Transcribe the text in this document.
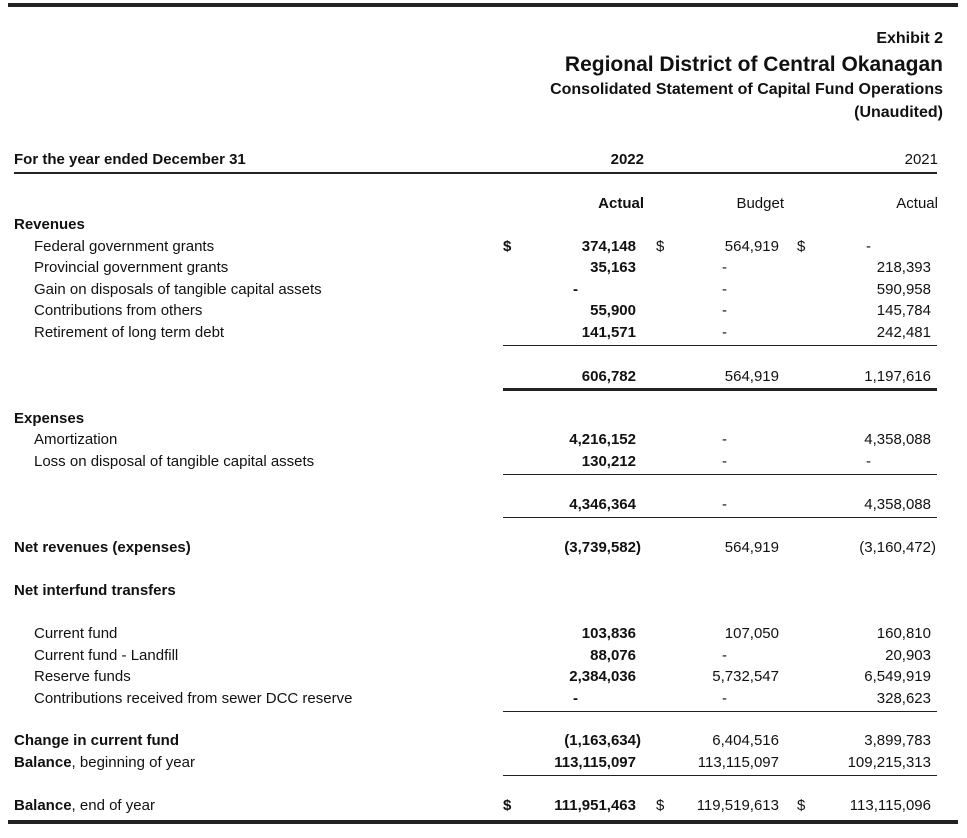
Exhibit 2
Regional District of Central Okanagan
Consolidated Statement of Capital Fund Operations
(Unaudited)
For the year ended December 31	2022	2021
Actual	Budget	Actual
Revenues
Federal government grants	$	374,148 $	564,919 $	-
Provincial government grants	35,163	-	218,393
Gain on disposals of tangible capital assets	-	-	590,958
Contributions from others	55,900	-	145,784
Retirement of long term debt	141,571	-	242,481
606,782	564,919	1,197,616
Expenses
Amortization	4,216,152	-	4,358,088
Loss on disposal of tangible capital assets	130,212	-	-
4,346,364	-	4,358,088
Net revenues (expenses)	(3,739,582)	564,919	(3,160,472)
Net interfund transfers
Current fund	103,836	107,050	160,810
Current fund - Landfill	88,076	-	20,903
Reserve funds	2,384,036	5,732,547	6,549,919
Contributions received from sewer DCC reserve	-	-	328,623
Change in current fund	(1,163,634)	6,404,516	3,899,783
Balance, beginning of year	113,115,097	113,115,097	109,215,313
Balance, end of year	$	111,951,463 $	119,519,613 $	113,115,096
